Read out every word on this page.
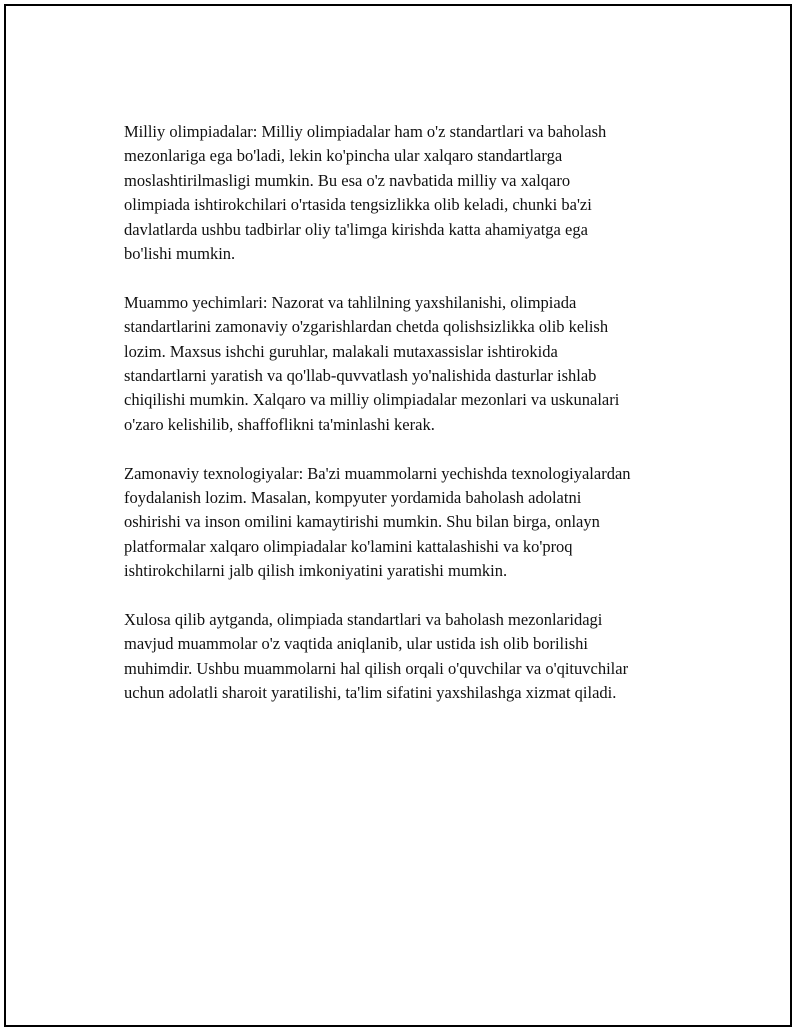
Milliy olimpiadalar: Milliy olimpiadalar ham o'z standartlari va baholash
mezonlariga ega bo'ladi, lekin ko'pincha ular xalqaro standartlarga
moslashtirilmasligi mumkin. Bu esa o'z navbatida milliy va xalqaro
olimpiada ishtirokchilari o'rtasida tengsizlikka olib keladi, chunki ba'zi
davlatlarda ushbu tadbirlar oliy ta'limga kirishda katta ahamiyatga ega
bo'lishi mumkin.

Muammo yechimlari: Nazorat va tahlilning yaxshilanishi, olimpiada
standartlarini zamonaviy o'zgarishlardan chetda qolishsizlikka olib kelish
lozim. Maxsus ishchi guruhlar, malakali mutaxassislar ishtirokida
standartlarni yaratish va qo'llab-quvvatlash yo'nalishida dasturlar ishlab
chiqilishi mumkin. Xalqaro va milliy olimpiadalar mezonlari va uskunalari
o'zaro kelishilib, shaffoflikni ta'minlashi kerak.

Zamonaviy texnologiyalar: Ba'zi muammolarni yechishda texnologiyalardan
foydalanish lozim. Masalan, kompyuter yordamida baholash adolatni
oshirishi va inson omilini kamaytirishi mumkin. Shu bilan birga, onlayn
platformalar xalqaro olimpiadalar ko'lamini kattalashishi va ko'proq
ishtirokchilarni jalb qilish imkoniyatini yaratishi mumkin.

Xulosa qilib aytganda, olimpiada standartlari va baholash mezonlaridagi
mavjud muammolar o'z vaqtida aniqlanib, ular ustida ish olib borilishi
muhimdir. Ushbu muammolarni hal qilish orqali o'quvchilar va o'qituvchilar
uchun adolatli sharoit yaratilishi, ta'lim sifatini yaxshilashga xizmat qiladi.
